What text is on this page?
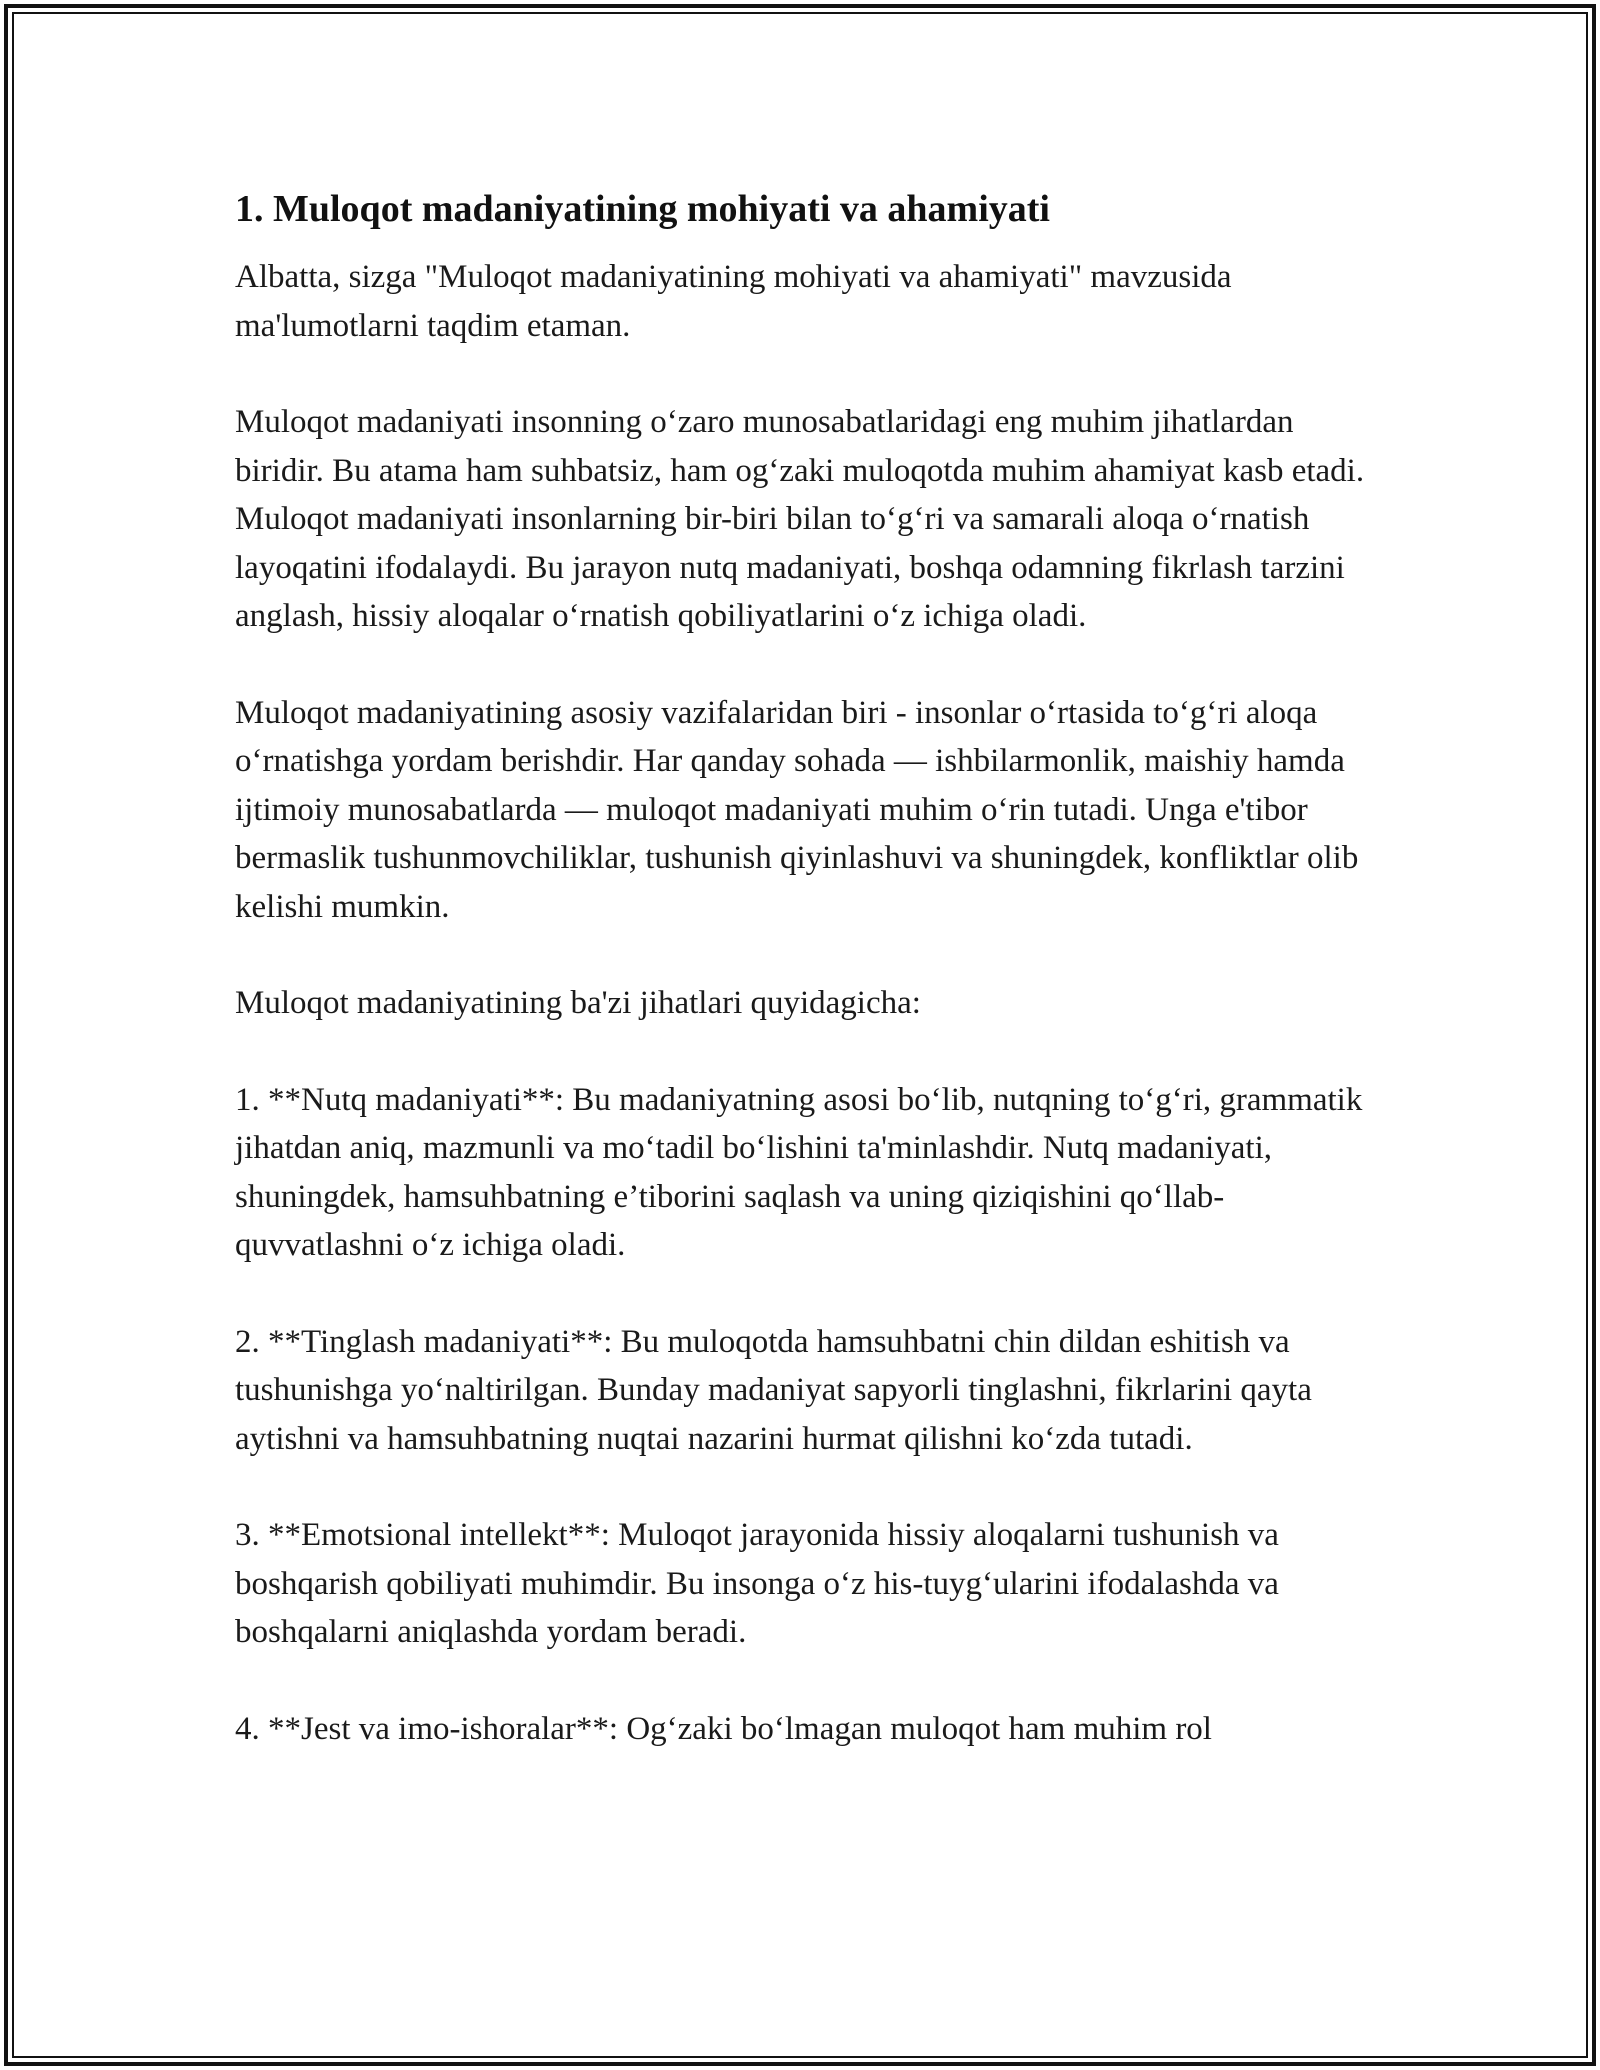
1. Muloqot madaniyatining mohiyati va ahamiyati

Albatta, sizga "Muloqot madaniyatining mohiyati va ahamiyati" mavzusida ma'lumotlarni taqdim etaman.

Muloqot madaniyati insonning o‘zaro munosabatlaridagi eng muhim jihatlardan biridir. Bu atama ham suhbatsiz, ham og‘zaki muloqotda muhim ahamiyat kasb etadi. Muloqot madaniyati insonlarning bir-biri bilan to‘g‘ri va samarali aloqa o‘rnatish layoqatini ifodalaydi. Bu jarayon nutq madaniyati, boshqa odamning fikrlash tarzini anglash, hissiy aloqalar o‘rnatish qobiliyatlarini o‘z ichiga oladi.

Muloqot madaniyatining asosiy vazifalaridan biri - insonlar o‘rtasida to‘g‘ri aloqa o‘rnatishga yordam berishdir. Har qanday sohada — ishbilarmonlik, maishiy hamda ijtimoiy munosabatlarda — muloqot madaniyati muhim o‘rin tutadi. Unga e'tibor bermaslik tushunmovchiliklar, tushunish qiyinlashuvi va shuningdek, konfliktlar olib kelishi mumkin.

Muloqot madaniyatining ba'zi jihatlari quyidagicha:

1. **Nutq madaniyati**: Bu madaniyatning asosi bo‘lib, nutqning to‘g‘ri, grammatik jihatdan aniq, mazmunli va mo‘tadil bo‘lishini ta'minlashdir. Nutq madaniyati, shuningdek, hamsuhbatning e’tiborini saqlash va uning qiziqishini qo‘llab-quvvatlashni o‘z ichiga oladi.

2. **Tinglash madaniyati**: Bu muloqotda hamsuhbatni chin dildan eshitish va tushunishga yo‘naltirilgan. Bunday madaniyat sapyorli tinglashni, fikrlarini qayta aytishni va hamsuhbatning nuqtai nazarini hurmat qilishni ko‘zda tutadi.

3. **Emotsional intellekt**: Muloqot jarayonida hissiy aloqalarni tushunish va boshqarish qobiliyati muhimdir. Bu insonga o‘z his-tuyg‘ularini ifodalashda va boshqalarni aniqlashda yordam beradi.

4. **Jest va imo-ishoralar**: Og‘zaki bo‘lmagan muloqot ham muhim rol
